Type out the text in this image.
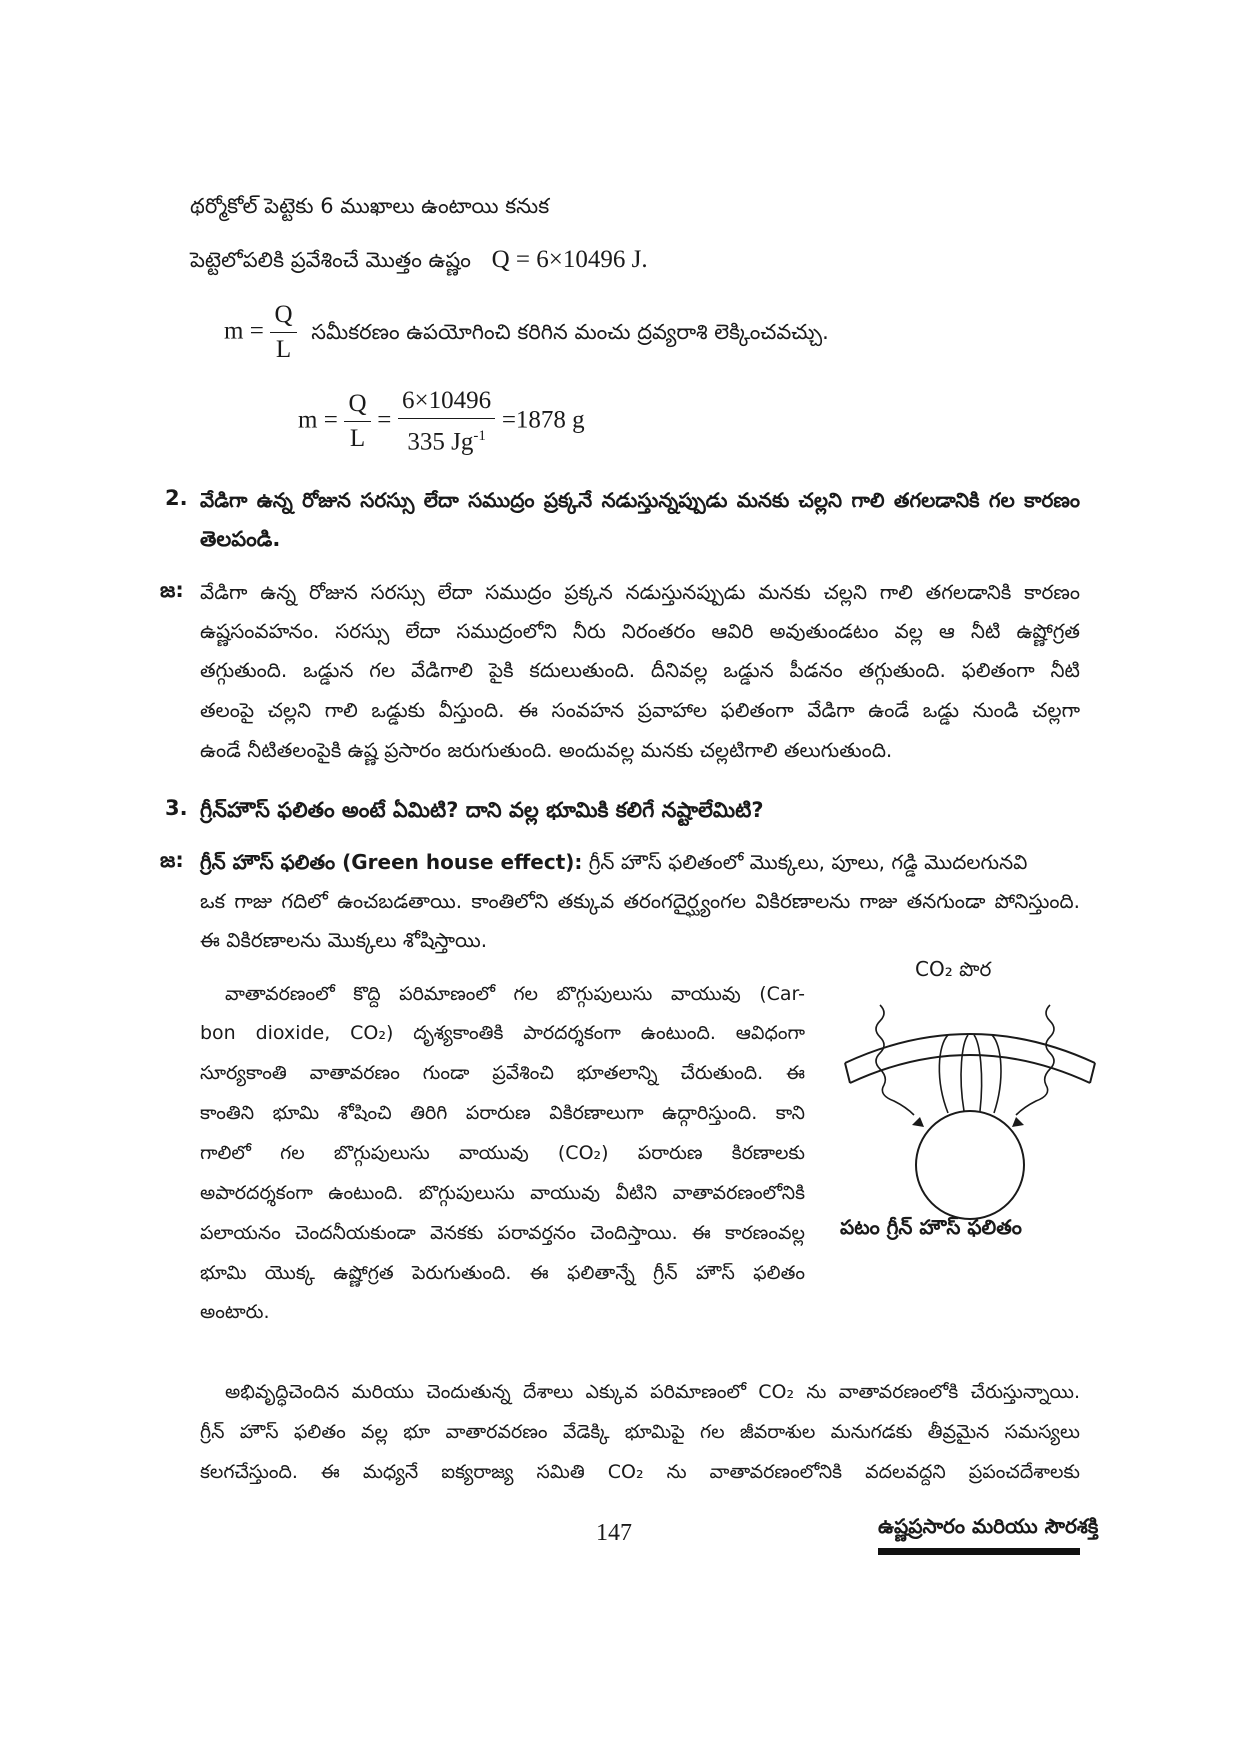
థర్మోకోల్ పెట్టెకు 6 ముఖాలు ఉంటాయి కనుక
పెట్టెలోపలికి ప్రవేశించే మొత్తం ఉష్ణం Q = 6×10496 J.
$m = \frac{Q}{L}$ సమీకరణం ఉపయోగించి కరిగిన మంచు ద్రవ్యరాశి లెక్కించవచ్చు.
$m = \frac{Q}{L} = \frac{6\times 10496}{335 Jg^{-1}} =1878$ g
2. వేడిగా ఉన్న రోజున సరస్సు లేదా సముద్రం ప్రక్కనే నడుస్తున్నప్పుడు మనకు చల్లని గాలి తగలడానికి గల కారణం
తెలపండి.
జ: వేడిగా ఉన్న రోజున సరస్సు లేదా సముద్రం ప్రక్కన నడుస్తునప్పుడు మనకు చల్లని గాలి తగలడానికి కారణం
ఉష్ణసంవహనం. సరస్సు లేదా సముద్రంలోని నీరు నిరంతరం ఆవిరి అవుతుండటం వల్ల ఆ నీటి ఉష్ణోగ్రత
తగ్గుతుంది. ఒడ్డున గల వేడిగాలి పైకి కదులుతుంది. దీనివల్ల ఒడ్డున పీడనం తగ్గుతుంది. ఫలితంగా నీటి
తలంపై చల్లని గాలి ఒడ్డుకు వీస్తుంది. ఈ సంవహన ప్రవాహాల ఫలితంగా వేడిగా ఉండే ఒడ్డు నుండి చల్లగా
ఉండే నీటితలంపైకి ఉష్ణ ప్రసారం జరుగుతుంది. అందువల్ల మనకు చల్లటిగాలి తలుగుతుంది.
3. గ్రీన్‌హౌస్ ఫలితం అంటే ఏమిటి? దాని వల్ల భూమికి కలిగే నష్టాలేమిటి?
జ: గ్రీన్ హౌస్ ఫలితం (Green house effect): గ్రీన్ హౌస్ ఫలితంలో మొక్కలు, పూలు, గడ్డి మొదలగునవి
ఒక గాజు గదిలో ఉంచబడతాయి. కాంతిలోని తక్కువ తరంగదైర్ఘ్యంగల వికిరణాలను గాజు తనగుండా పోనిస్తుంది.
ఈ వికిరణాలను మొక్కలు శోషిస్తాయి.
వాతావరణంలో కొద్ది పరిమాణంలో గల బొగ్గుపులుసు వాయువు (Car-
bon dioxide, CO₂) దృశ్యకాంతికి పారదర్శకంగా ఉంటుంది. ఆవిధంగా
సూర్యకాంతి వాతావరణం గుండా ప్రవేశించి భూతలాన్ని చేరుతుంది. ఈ
కాంతిని భూమి శోషించి తిరిగి పరారుణ వికిరణాలుగా ఉద్గారిస్తుంది. కాని
గాలిలో గల బొగ్గుపులుసు వాయువు (CO₂) పరారుణ కిరణాలకు
అపారదర్శకంగా ఉంటుంది. బొగ్గుపులుసు వాయువు వీటిని వాతావరణంలోనికి
పలాయనం చెందనీయకుండా వెనకకు పరావర్తనం చెందిస్తాయి. ఈ కారణంవల్ల
భూమి యొక్క ఉష్ణోగ్రత పెరుగుతుంది. ఈ ఫలితాన్నే గ్రీన్ హౌస్ ఫలితం
అంటారు.
CO₂ పొర
పటం గ్రీన్ హౌస్ ఫలితం
అభివృద్ధిచెందిన మరియు చెందుతున్న దేశాలు ఎక్కువ పరిమాణంలో CO₂ ను వాతావరణంలోకి చేరుస్తున్నాయి.
గ్రీన్ హౌస్ ఫలితం వల్ల భూ వాతారవరణం వేడెక్కి భూమిపై గల జీవరాశుల మనుగడకు తీవ్రమైన సమస్యలు
కలగచేస్తుంది. ఈ మధ్యనే ఐక్యరాజ్య సమితి CO₂ ను వాతావరణంలోనికి వదలవద్దని ప్రపంచదేశాలకు
147	ఉష్ణప్రసారం మరియు సౌరశక్తి
